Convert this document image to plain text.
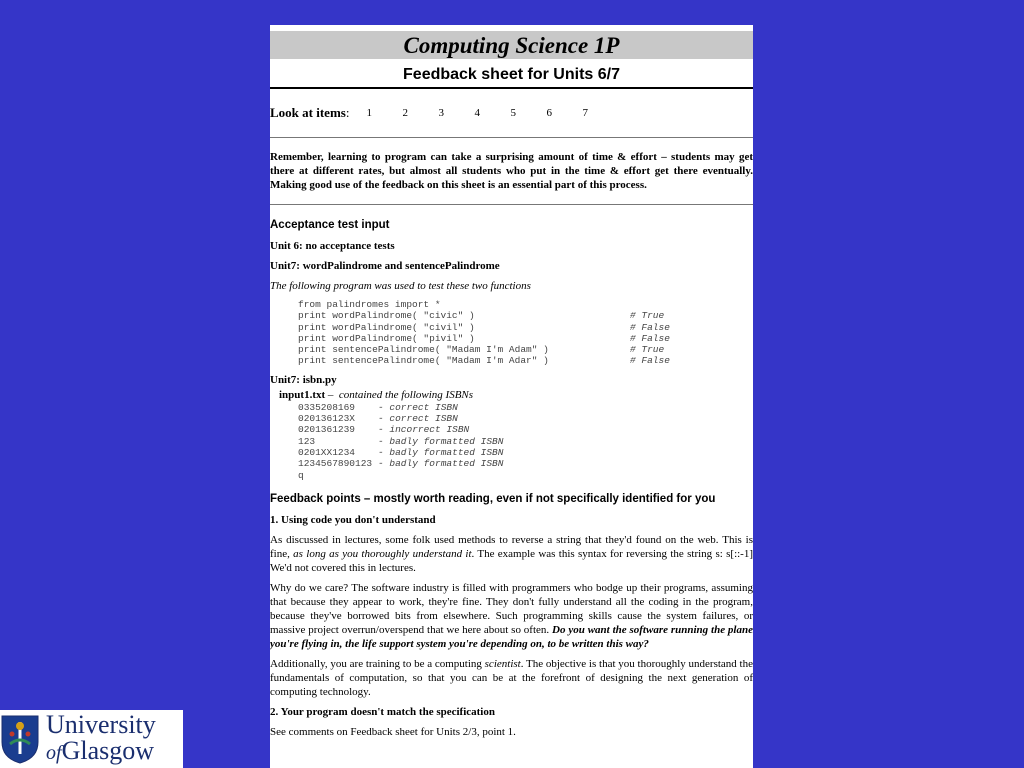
Computing Science 1P
Feedback sheet for Units 6/7
Look at items : 1	2	3	4	5	6	7
Remember, learning to program can take a surprising amount of time & effort – students may get there at different rates, but almost all students who put in the time & effort get there eventually. Making good use of the feedback on this sheet is an essential part of this process.
Acceptance test input

Unit 6: no acceptance tests

Unit7: wordPalindrome and sentencePalindrome

The following program was used to test these two functions

from palindromes import *
print wordPalindrome( "civic" )	# True
print wordPalindrome( "civil" )	# False
print wordPalindrome( "pivil" )	# False
print sentencePalindrome( "Madam I'm Adam" )	# True
print sentencePalindrome( "Madam I'm Adar" )	# False

Unit7: isbn.py

input1.txt –  contained the following ISBNs
0335208169	- correct ISBN
020136123X	- correct ISBN
0201361239	- incorrect ISBN
123	- badly formatted ISBN
0201XX1234	- badly formatted ISBN
1234567890123 - badly formatted ISBN
q
Feedback points – mostly worth reading, even if not specifically identified for you

1. Using code you don't understand

As discussed in lectures, some folk used methods to reverse a string that they'd found on the web. This is fine, as long as you thoroughly understand it. The example was this syntax for reversing the string s: s[::-1] We'd not covered this in lectures.

Why do we care? The software industry is filled with programmers who bodge up their programs, assuming that because they appear to work, they're fine. They don't fully understand all the coding in the program, because they've borrowed bits from elsewhere. Such programming skills cause the system failures, or massive project overrun/overspend that we here about so often. Do you want the software running the plane you're flying in, the life support system you're depending on, to be written this way?

Additionally, you are training to be a computing scientist. The objective is that you thoroughly understand the fundamentals of computation, so that you can be at the forefront of designing the next generation of computing technology.

2. Your program doesn't match the specification

See comments on Feedback sheet for Units 2/3, point 1.

University
ofGlasgow
